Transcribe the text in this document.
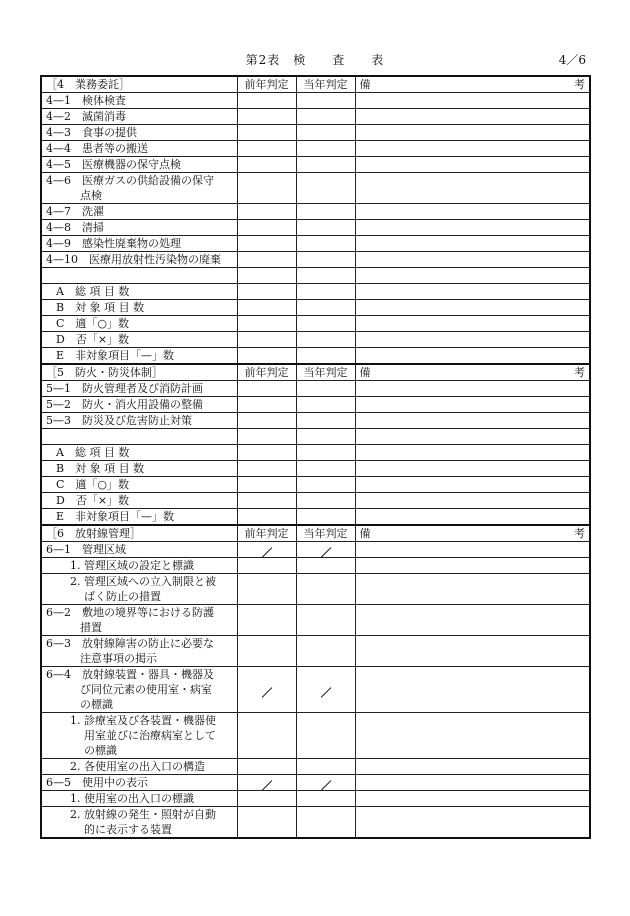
第2表　検　　査　　表	4／6
［4　業務委託］	前年判定	当年判定	備 考

4—1　検体検査			
4—2　滅菌消毒			
4—3　食事の提供			
4—4　患者等の搬送			
4—5　医療機器の保守点検			
4—6　医療ガスの供給設備の保守
点検			

4—7　洗濯			
4—8　清掃			
4—9　感染性廃棄物の処理			
4—10　医療用放射性汚染物の廃棄			

A　総 項 目 数			
B　対 象 項 目 数			
C　適「○」数			
D　否「×」数			
E　非対象項目「—」数			
［5　防火・防災体制］	前年判定	当年判定	備 考

5—1　防火管理者及び消防計画			
5—2　防火・消火用設備の整備			
5—3　防災及び危害防止対策			

A　総 項 目 数			
B　対 象 項 目 数			
C　適「○」数			
D　否「×」数			
E　非対象項目「—」数			
［6　放射線管理］	前年判定	当年判定	備 考

6—1　管理区域			
1. 管理区域の設定と標識			
2. 管理区域への立入制限と被
ばく防止の措置			

6—2　敷地の境界等における防護
措置			

6—3　放射線障害の防止に必要な
注意事項の掲示			

6—4　放射線装置・器具・機器及
び同位元素の使用室・病室
の標識			

1. 診療室及び各装置・機器使
用室並びに治療病室として
の標識			

2. 各使用室の出入口の構造			
6—5　使用中の表示			
1. 使用室の出入口の標識			
2. 放射線の発生・照射が自動
的に表示する装置			
